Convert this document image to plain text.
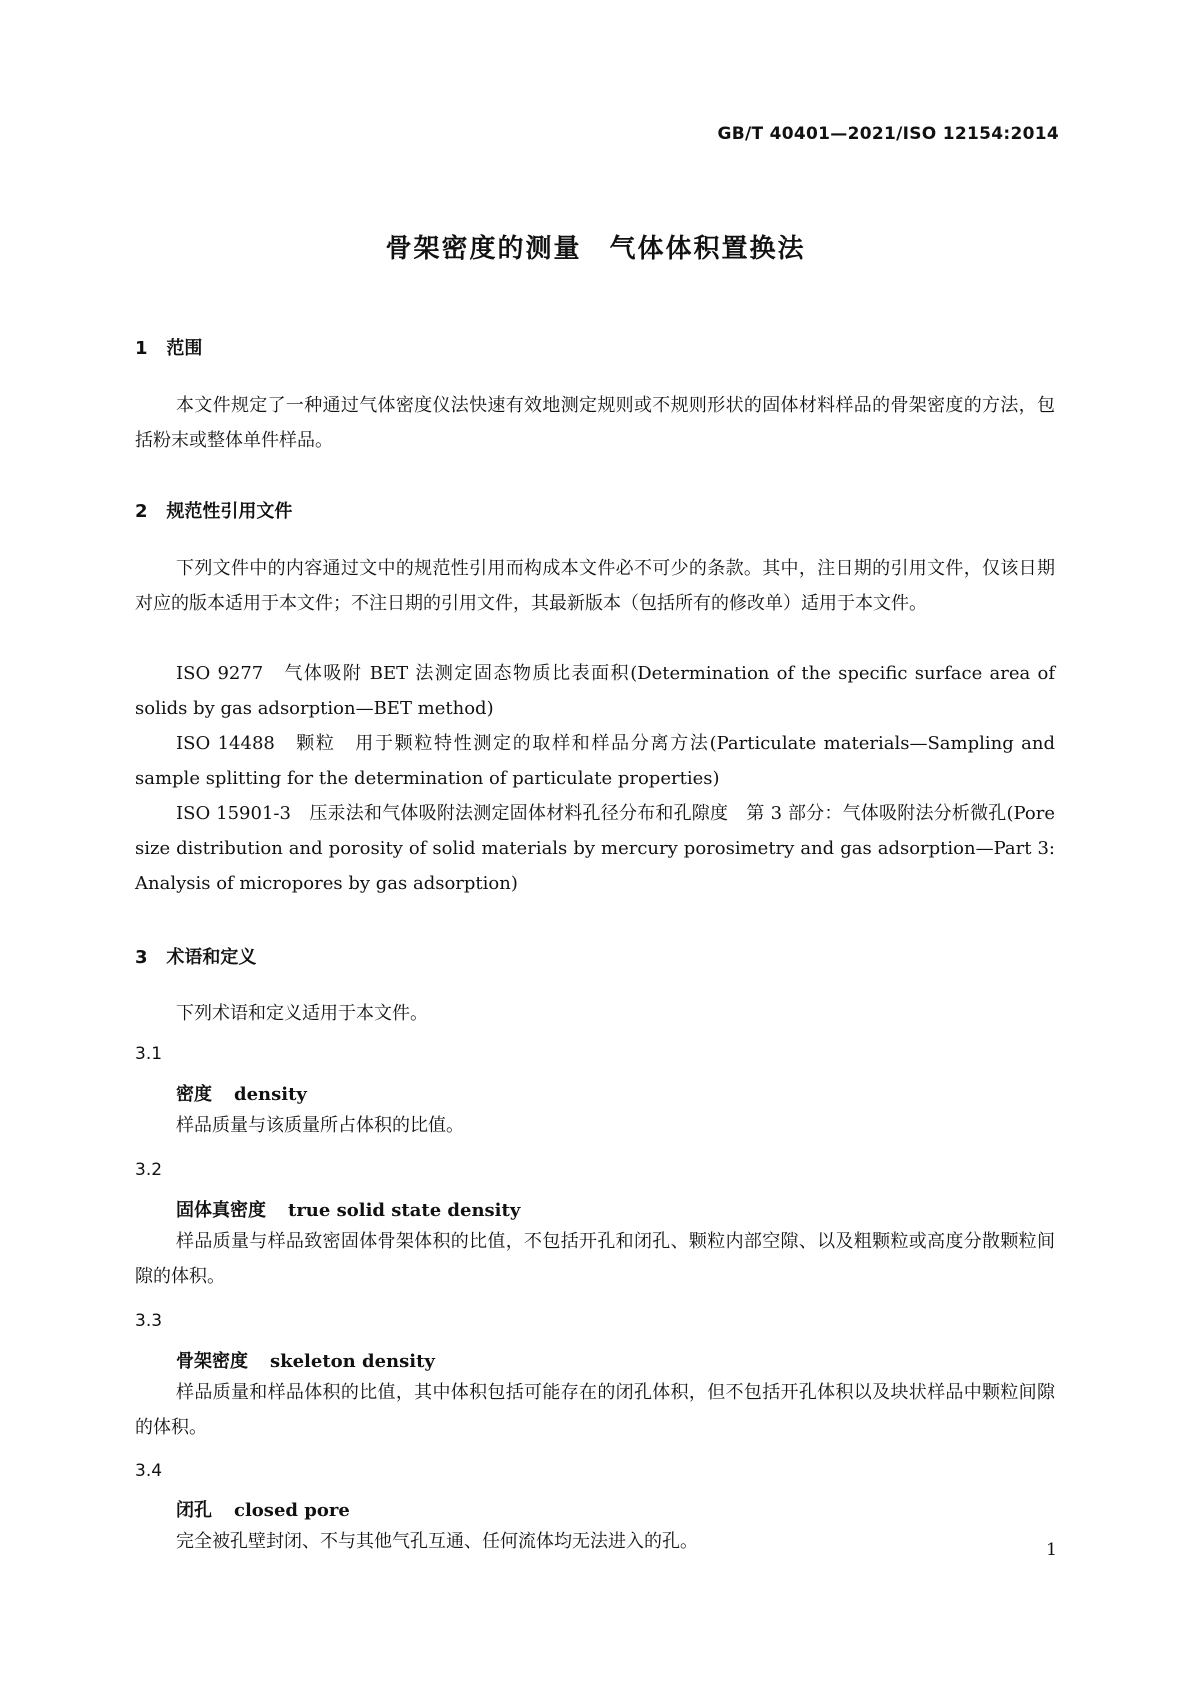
GB/T 40401—2021/ISO 12154:2014
骨架密度的测量　气体体积置换法
1 范围
本文件规定了一种通过气体密度仪法快速有效地测定规则或不规则形状的固体材料样品的骨架密度的方法，包括粉末或整体单件样品。
2 规范性引用文件
下列文件中的内容通过文中的规范性引用而构成本文件必不可少的条款。其中，注日期的引用文件，仅该日期对应的版本适用于本文件；不注日期的引用文件，其最新版本（包括所有的修改单）适用于本文件。
ISO 9277　气体吸附 BET 法测定固态物质比表面积(Determination of the specific surface area of solids by gas adsorption—BET method)
ISO 14488　颗粒　用于颗粒特性测定的取样和样品分离方法(Particulate materials—Sampling and sample splitting for the determination of particulate properties)
ISO 15901-3　压汞法和气体吸附法测定固体材料孔径分布和孔隙度　第 3 部分：气体吸附法分析微孔(Pore size distribution and porosity of solid materials by mercury porosimetry and gas adsorption—Part 3: Analysis of micropores by gas adsorption)
3 术语和定义
下列术语和定义适用于本文件。
3.1
密度 density
样品质量与该质量所占体积的比值。
3.2
固体真密度 true solid state density
样品质量与样品致密固体骨架体积的比值，不包括开孔和闭孔、颗粒内部空隙、以及粗颗粒或高度分散颗粒间隙的体积。
3.3
骨架密度 skeleton density
样品质量和样品体积的比值，其中体积包括可能存在的闭孔体积，但不包括开孔体积以及块状样品中颗粒间隙的体积。
3.4
闭孔 closed pore
完全被孔壁封闭、不与其他气孔互通、任何流体均无法进入的孔。	1
